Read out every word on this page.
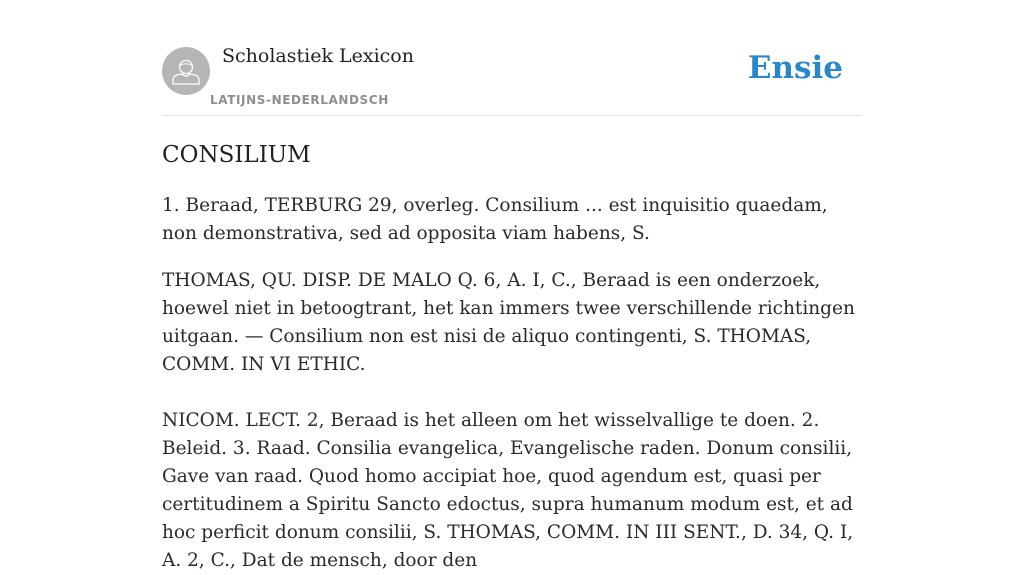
Scholastiek Lexicon
LATIJNS-NEDERLANDSCH
Ensie
CONSILIUM

1. Beraad, TERBURG 29, overleg. Consilium ... est inquisitio quaedam, non demonstrativa, sed ad opposita viam habens, S.

THOMAS, QU. DISP. DE MALO Q. 6, A. I, C., Beraad is een onderzoek, hoewel niet in betoogtrant, het kan immers twee verschillende richtingen uitgaan. — Consilium non est nisi de aliquo contingenti, S. THOMAS, COMM. IN VI ETHIC.

NICOM. LECT. 2, Beraad is het alleen om het wisselvallige te doen. 2. Beleid. 3. Raad. Consilia evangelica, Evangelische raden. Donum consilii, Gave van raad. Quod homo accipiat hoe, quod agendum est, quasi per certitudinem a Spiritu Sancto edoctus, supra humanum modum est, et ad hoc perficit donum consilii, S. THOMAS, COMM. IN III SENT., D. 34, Q. I, A. 2, C., Dat de mensch, door den
